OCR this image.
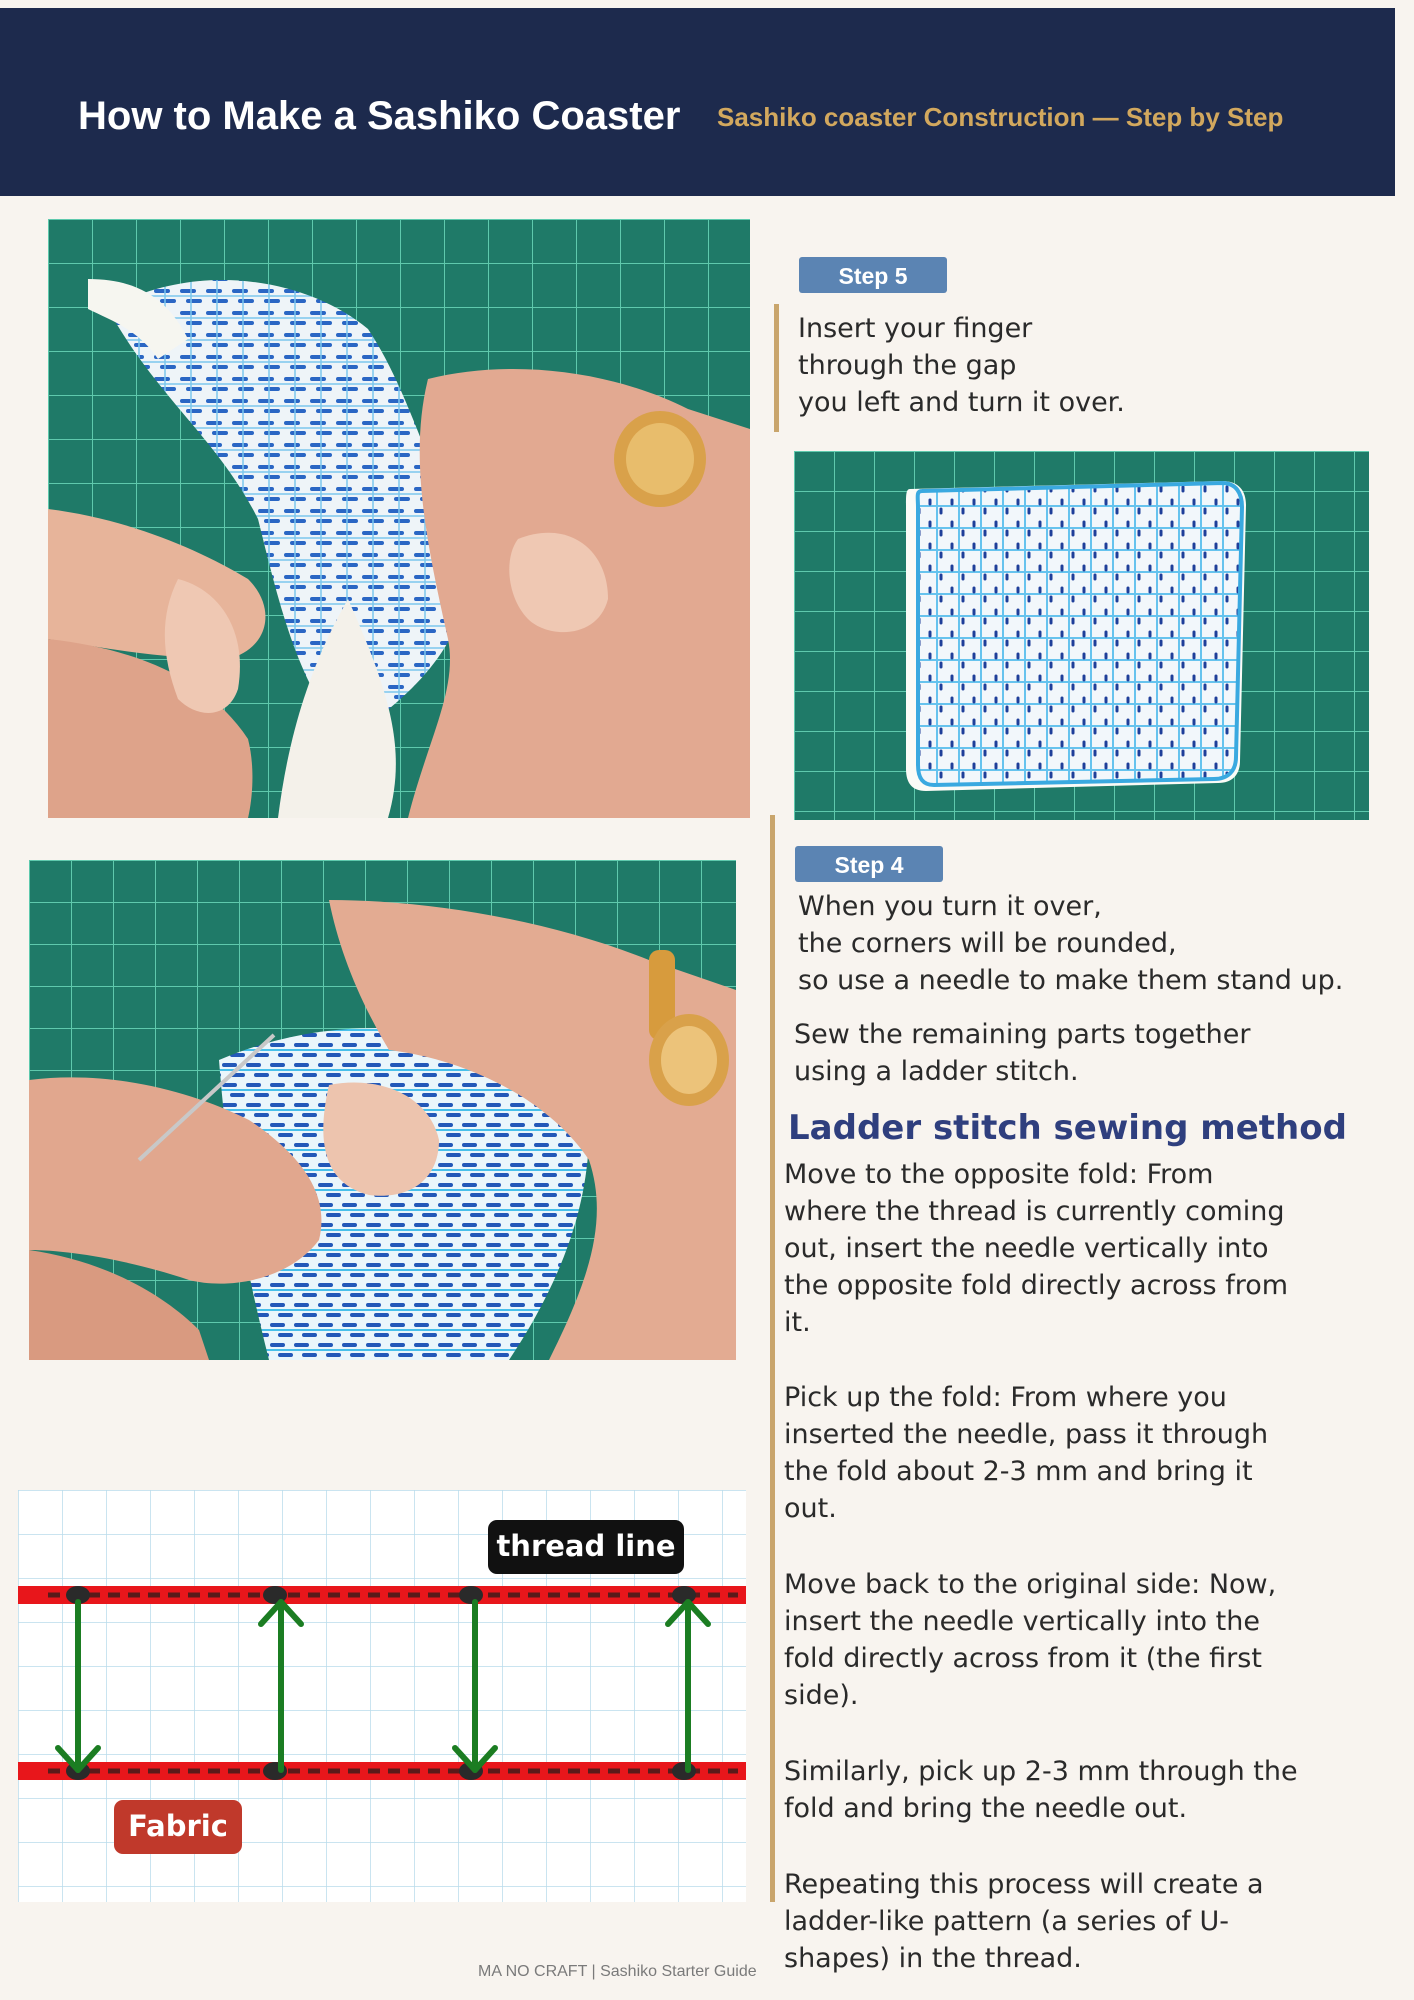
How to Make a Sashiko Coaster Sashiko coaster Construction — Step by Step
Step 5
Insert your finger
through the gap
you left and turn it over.
Step 4
When you turn it over,
the corners will be rounded,
so use a needle to make them stand up.
Sew the remaining parts together
using a ladder stitch.
Ladder stitch sewing method
Move to the opposite fold: From
where the thread is currently coming
out, insert the needle vertically into
the opposite fold directly across from
it.
Pick up the fold: From where you
inserted the needle, pass it through
the fold about 2-3 mm and bring it
out.
Move back to the original side: Now,
insert the needle vertically into the
fold directly across from it (the first
side).
Similarly, pick up 2-3 mm through the
fold and bring the needle out.
Repeating this process will create a
ladder-like pattern (a series of U-
shapes) in the thread.
thread line
Fabric
MA NO CRAFT | Sashiko Starter Guide
